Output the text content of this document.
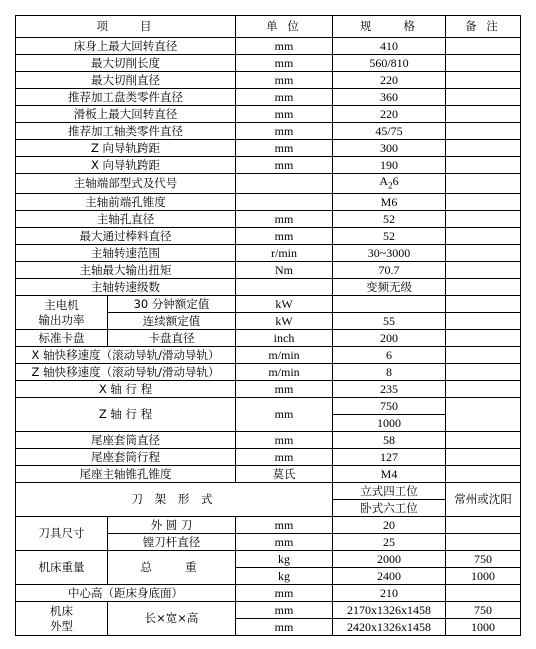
项　　目		单 位	规　　格	备 注
床身上最大回转直径		mm	410	
最大切削长度		mm	560/810	
最大切削直径		mm	220	
推荐加工盘类零件直径		mm	360	
滑板上最大回转直径		mm	220	
推荐加工轴类零件直径		mm	45/75	
Z 向导轨跨距		mm	300	
X 向导轨跨距		mm	190	
主轴端部型式及代号			$A_26$	
主轴前端孔锥度			M6	
主轴孔直径		mm	52	
最大通过棒料直径		mm	52	
主轴转速范围		r/min	30~3000	
主轴最大输出扭矩		Nm	70.7	
主轴转速级数			变频无级	

主电机
输出功率	30 分钟额定值	kW		
	连续额定值	kW	55	
标准卡盘	卡盘直径	inch	200	
X 轴快移速度（滚动导轨/滑动导轨）		m/min	6	
Z 轴快移速度（滚动导轨/滑动导轨）		m/min	8	
X 轴 行 程		mm	235	
Z 轴 行 程		mm	750	
			1000	
尾座套筒直径		mm	58	
尾座套筒行程		mm	127	
尾座主轴锥孔锥度		莫氏	M4	
刀 架 形 式			立式四工位	常州或沈阳
			卧式六工位	
刀具尺寸	外 圆 刀	mm	20	
	镗刀杆直径	mm	25	
机床重量	总　 重	kg	2000	750
		kg	2400	1000
中心高（距床身底面）		mm	210	

机床
外型	长×宽×高	mm	2170x1326x1458	750
		mm	2420x1326x1458	1000
